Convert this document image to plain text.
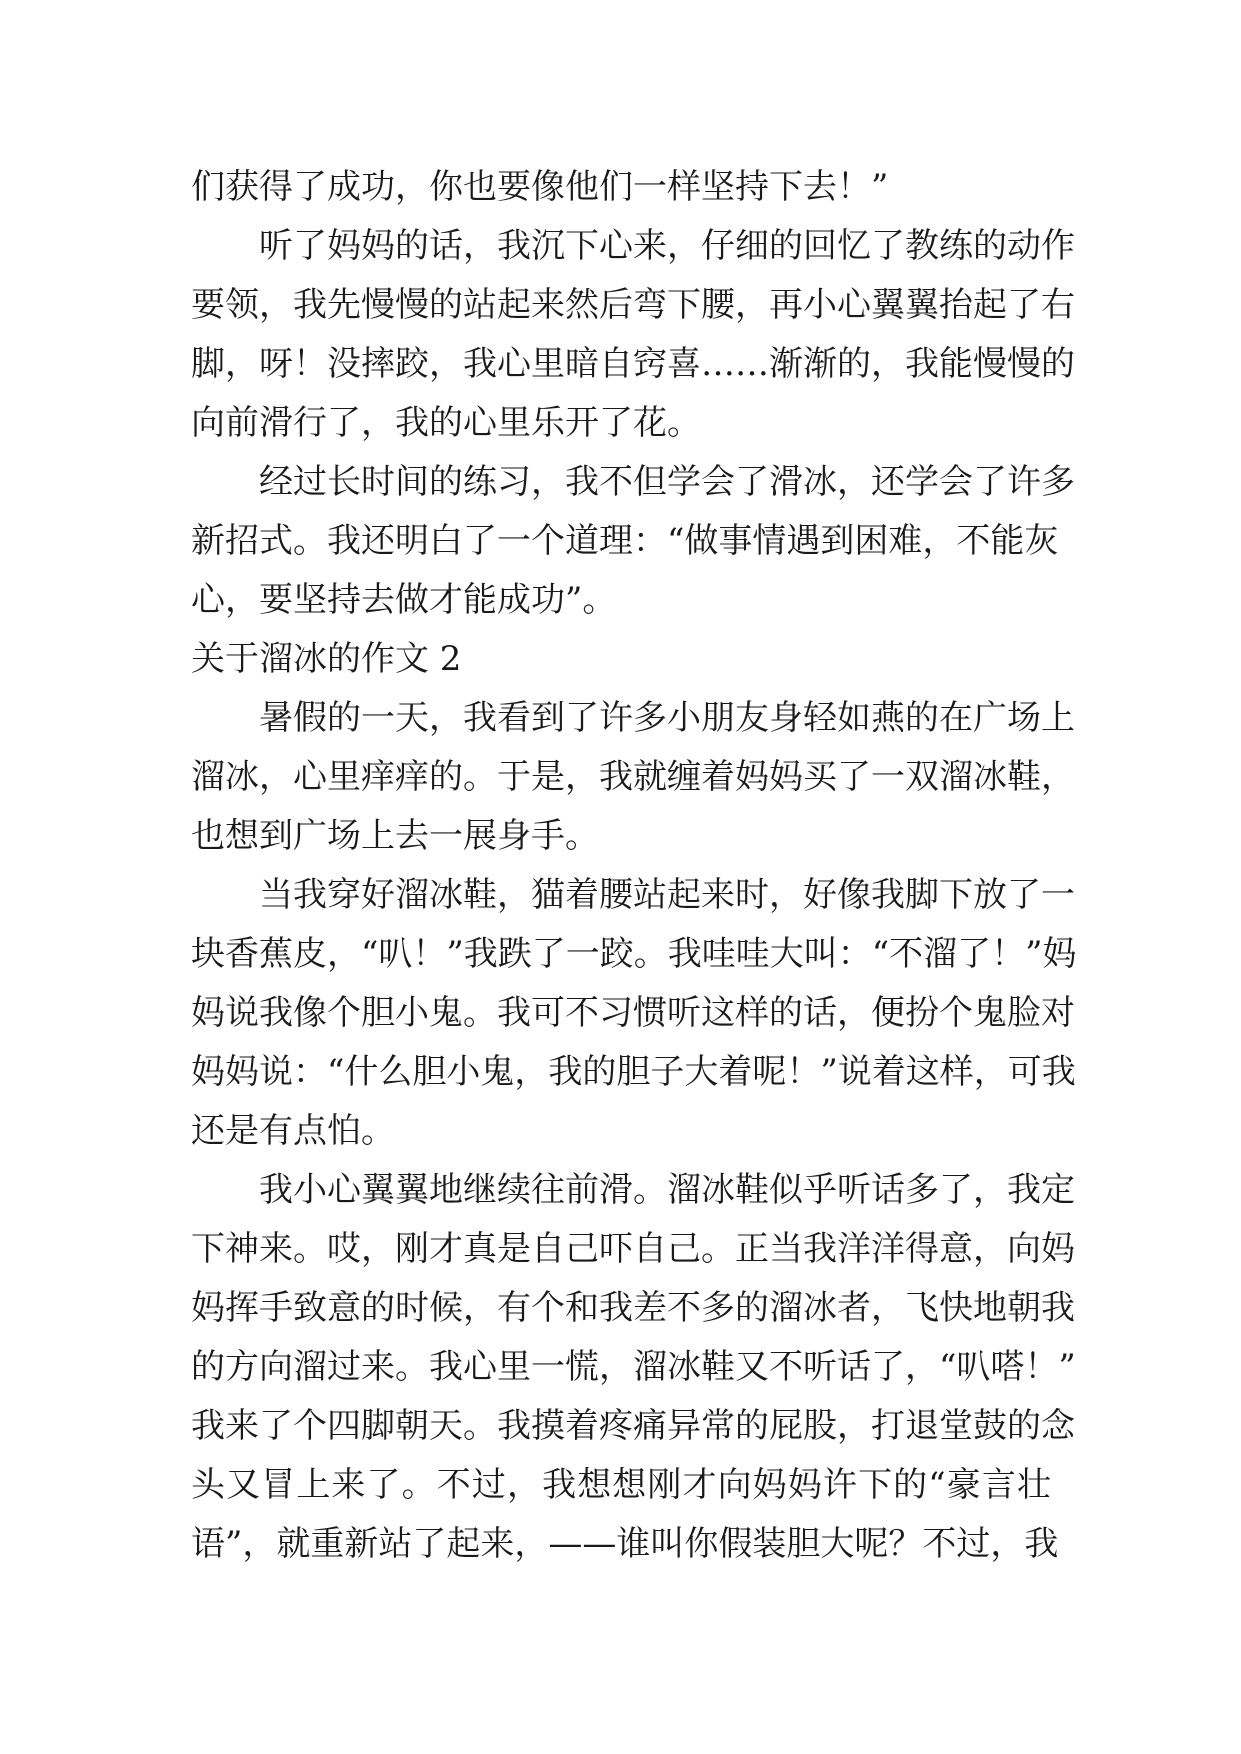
们获得了成功，你也要像他们一样坚持下去！”
听了妈妈的话，我沉下心来，仔细的回忆了教练的动作
要领，我先慢慢的站起来然后弯下腰，再小心翼翼抬起了右
脚，呀！没摔跤，我心里暗自窍喜……渐渐的，我能慢慢的
向前滑行了，我的心里乐开了花。
经过长时间的练习，我不但学会了滑冰，还学会了许多
新招式。我还明白了一个道理：“做事情遇到困难，不能灰
心，要坚持去做才能成功”。
关于溜冰的作文 2
暑假的一天，我看到了许多小朋友身轻如燕的在广场上
溜冰，心里痒痒的。于是，我就缠着妈妈买了一双溜冰鞋，
也想到广场上去一展身手。
当我穿好溜冰鞋，猫着腰站起来时，好像我脚下放了一
块香蕉皮，“叭！”我跌了一跤。我哇哇大叫：“不溜了！”妈
妈说我像个胆小鬼。我可不习惯听这样的话，便扮个鬼脸对
妈妈说：“什么胆小鬼，我的胆子大着呢！”说着这样，可我
还是有点怕。
我小心翼翼地继续往前滑。溜冰鞋似乎听话多了，我定
下神来。哎，刚才真是自己吓自己。正当我洋洋得意，向妈
妈挥手致意的时候，有个和我差不多的溜冰者，飞快地朝我
的方向溜过来。我心里一慌，溜冰鞋又不听话了，“叭嗒！”
我来了个四脚朝天。我摸着疼痛异常的屁股，打退堂鼓的念
头又冒上来了。不过，我想想刚才向妈妈许下的“豪言壮
语”，就重新站了起来，——谁叫你假装胆大呢？不过，我
